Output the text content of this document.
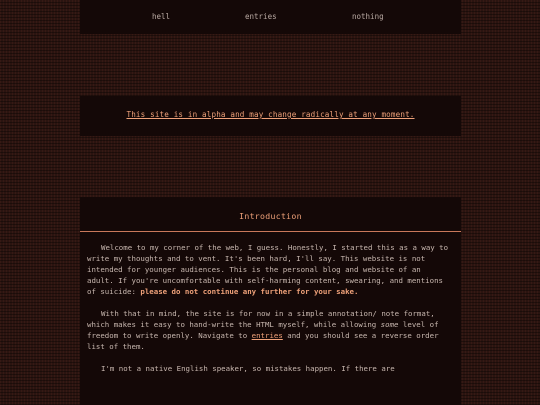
hell	entries	nothing

This site is in alpha and may change radically at any moment.

Introduction

Welcome to my corner of the web, I guess. Honestly, I started this as a way to write my thoughts and to vent. It's been hard, I'll say. This website is not intended for younger audiences. This is the personal blog and website of an adult. If you're uncomfortable with self-harming content, swearing, and mentions of suicide: please do not continue any further for your sake.

With that in mind, the site is for now in a simple annotation/ note format, which makes it easy to hand-write the HTML myself, while allowing some level of freedom to write openly. Navigate to entries and you should see a reverse order list of them.

I'm not a native English speaker, so mistakes happen. If there are
